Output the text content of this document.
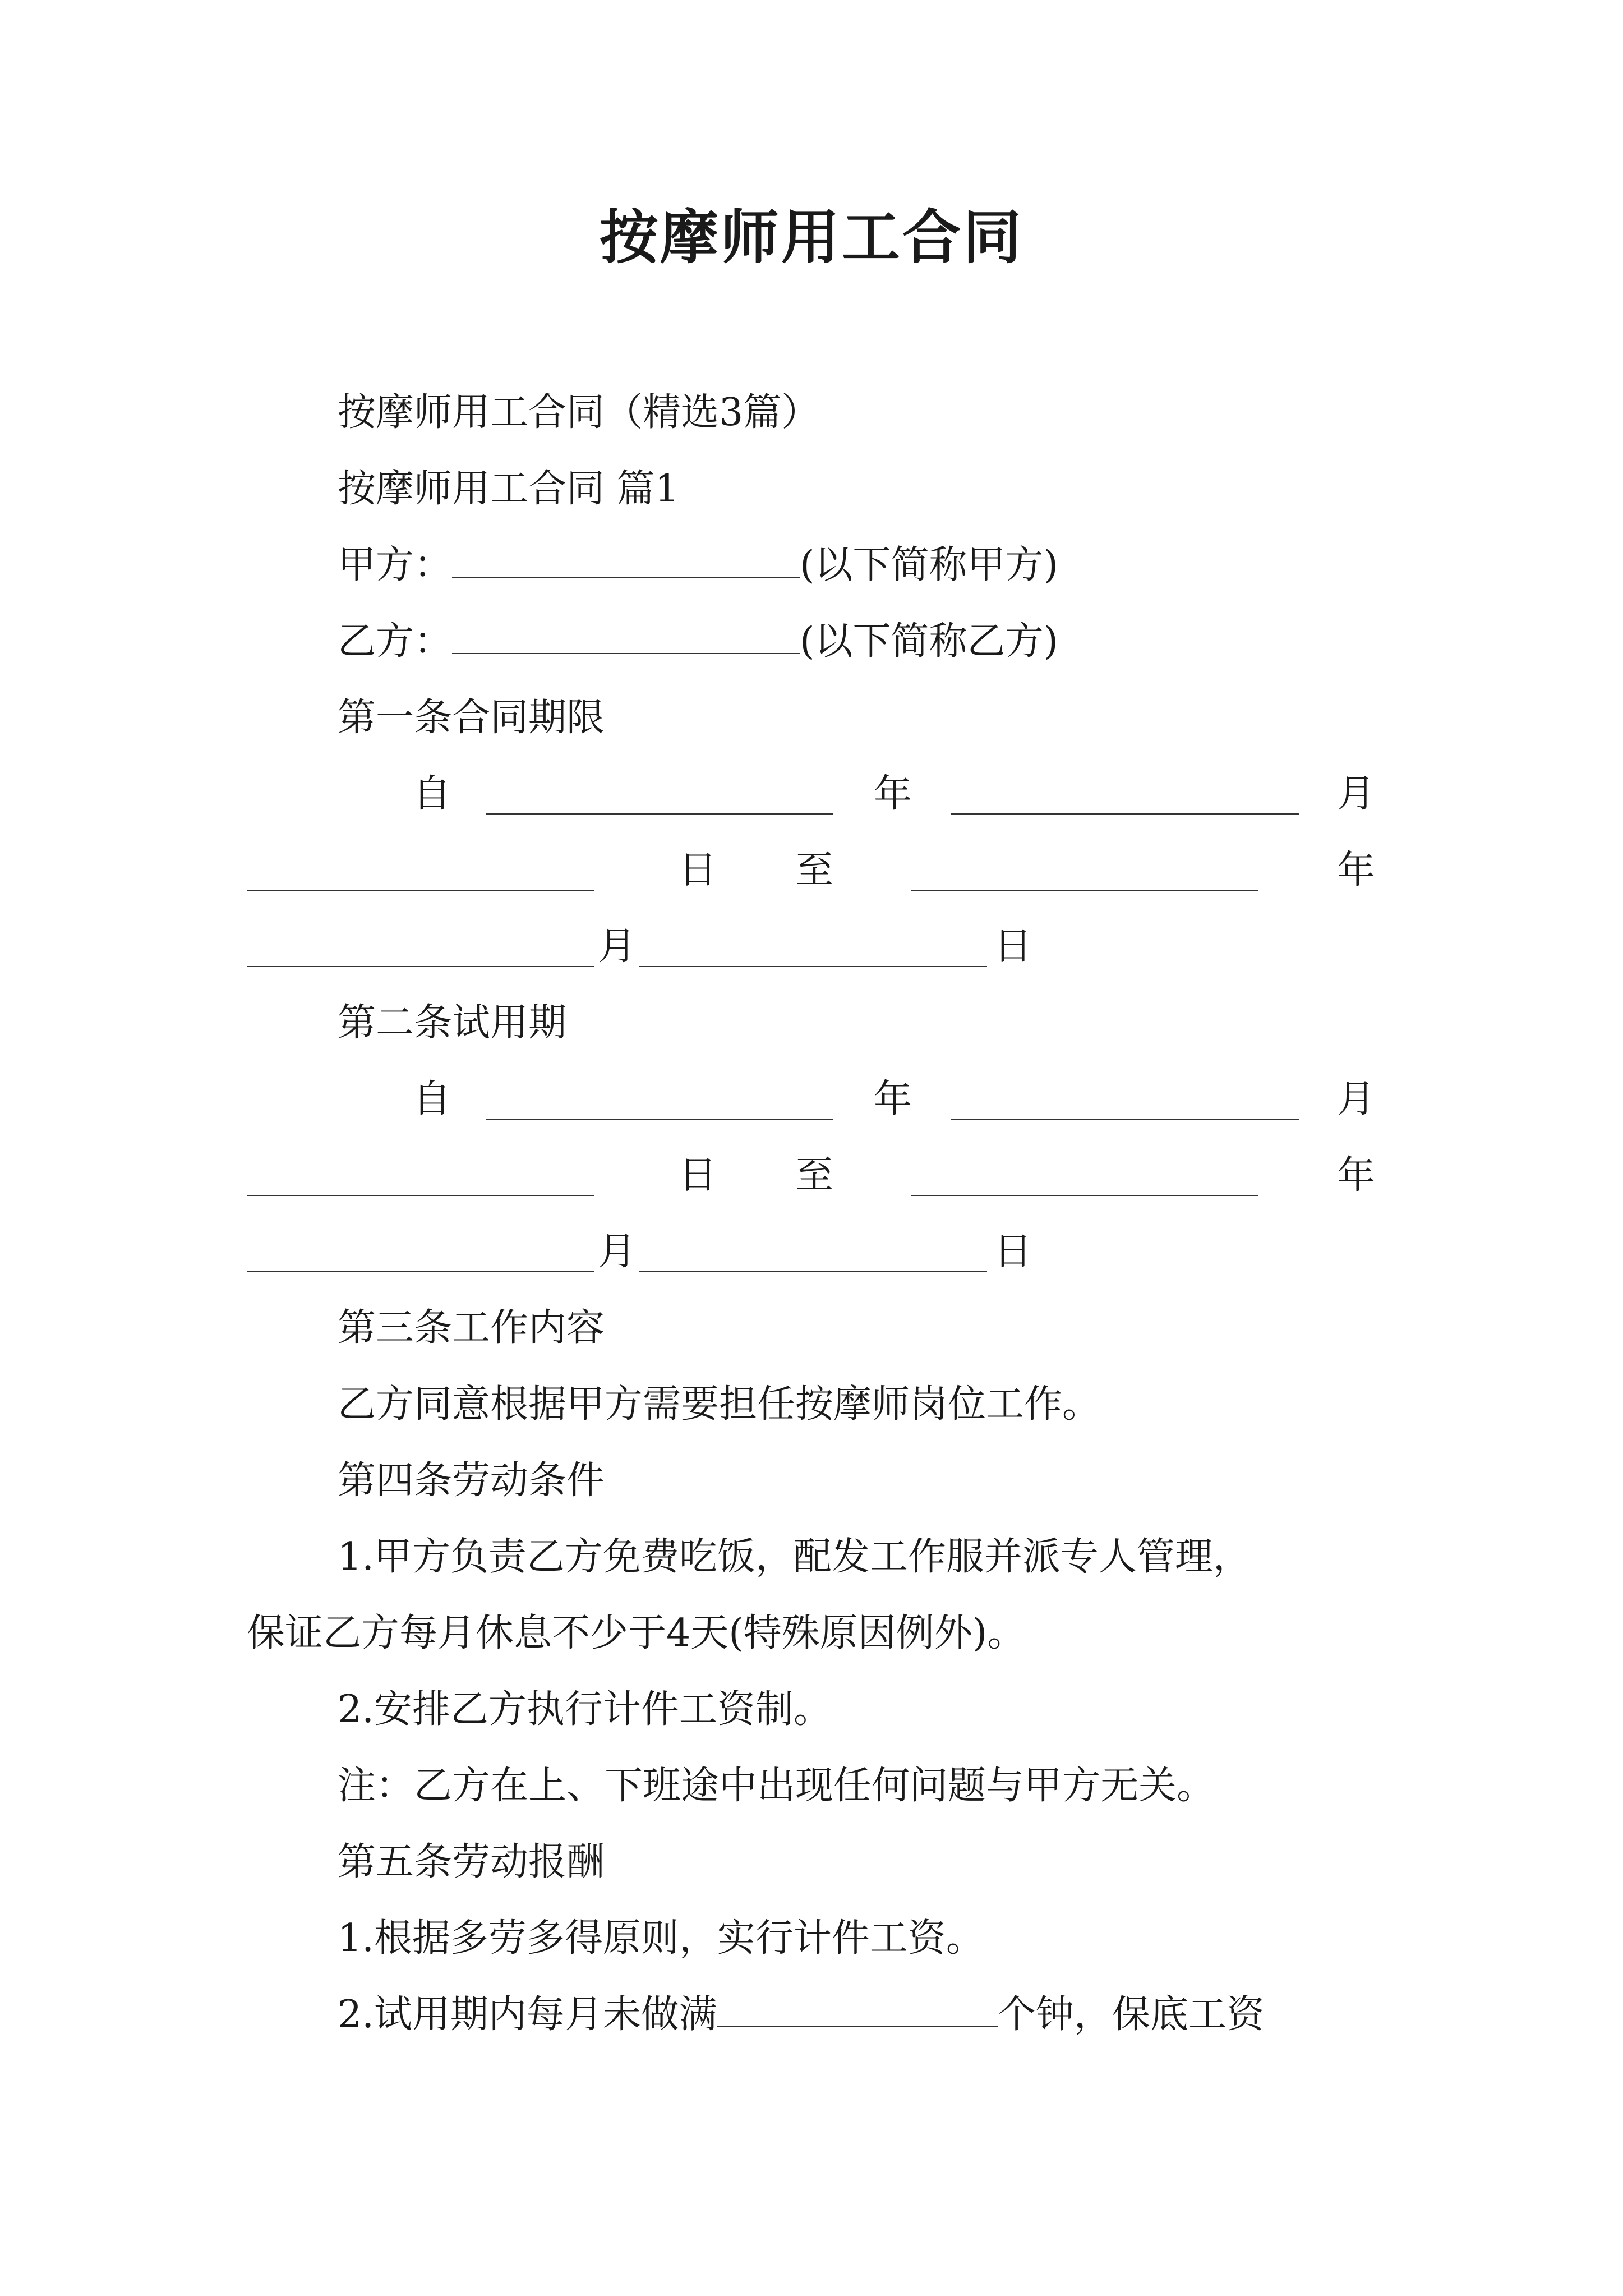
按摩师用工合同
按摩师用工合同（精选3篇）
按摩师用工合同 篇1
甲方：	(以下简称甲方)
乙方：	(以下简称乙方)
第一条合同期限
自	年	月
日 至	年
月	日
第二条试用期
自	年	月
日 至	年
月	日
第三条工作内容
乙方同意根据甲方需要担任按摩师岗位工作。
第四条劳动条件
1.甲方负责乙方免费吃饭，配发工作服并派专人管理，
保证乙方每月休息不少于4天(特殊原因例外)。
2.安排乙方执行计件工资制。
注：乙方在上、下班途中出现任何问题与甲方无关。
第五条劳动报酬
1.根据多劳多得原则，实行计件工资。
2.试用期内每月未做满	个钟，保底工资
